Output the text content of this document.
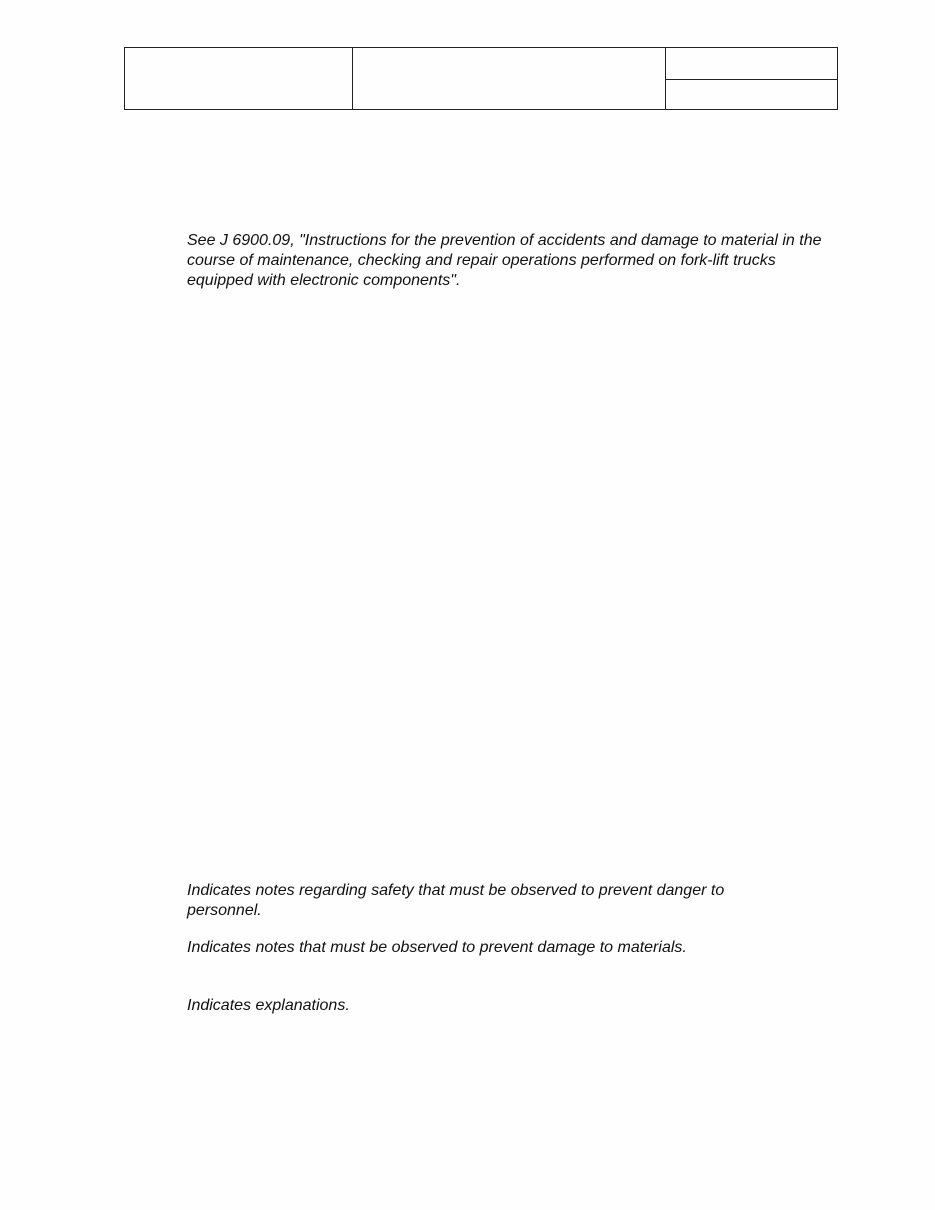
See J 6900.09, "Instructions for the prevention of accidents and damage to material in the course of maintenance, checking and repair operations performed on fork-lift trucks equipped with electronic components".

Indicates notes regarding safety that must be observed to prevent danger to personnel.

Indicates notes that must be observed to prevent damage to materials.

Indicates explanations.
